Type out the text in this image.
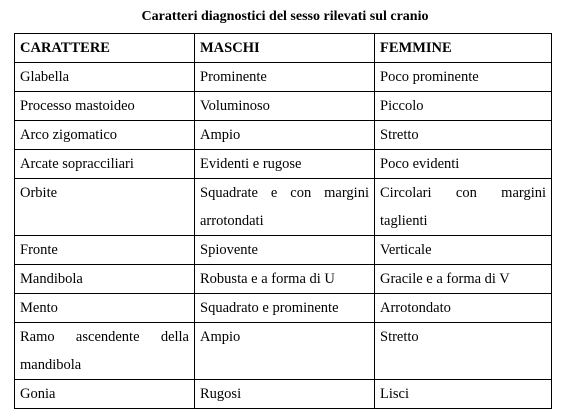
Caratteri diagnostici del sesso rilevati sul cranio
CARATTERE	MASCHI	FEMMINE
Glabella	Prominente	Poco prominente
Processo mastoideo	Voluminoso	Piccolo
Arco zigomatico	Ampio	Stretto
Arcate sopracciliari	Evidenti e rugose	Poco evidenti
Orbite	Squadrate e con margini arrotondati	Circolari con margini taglienti
Fronte	Spiovente	Verticale
Mandibola	Robusta e a forma di U	Gracile e a forma di V
Mento	Squadrato e prominente	Arrotondato
Ramo ascendente della mandibola	Ampio	Stretto
Gonia	Rugosi	Lisci
